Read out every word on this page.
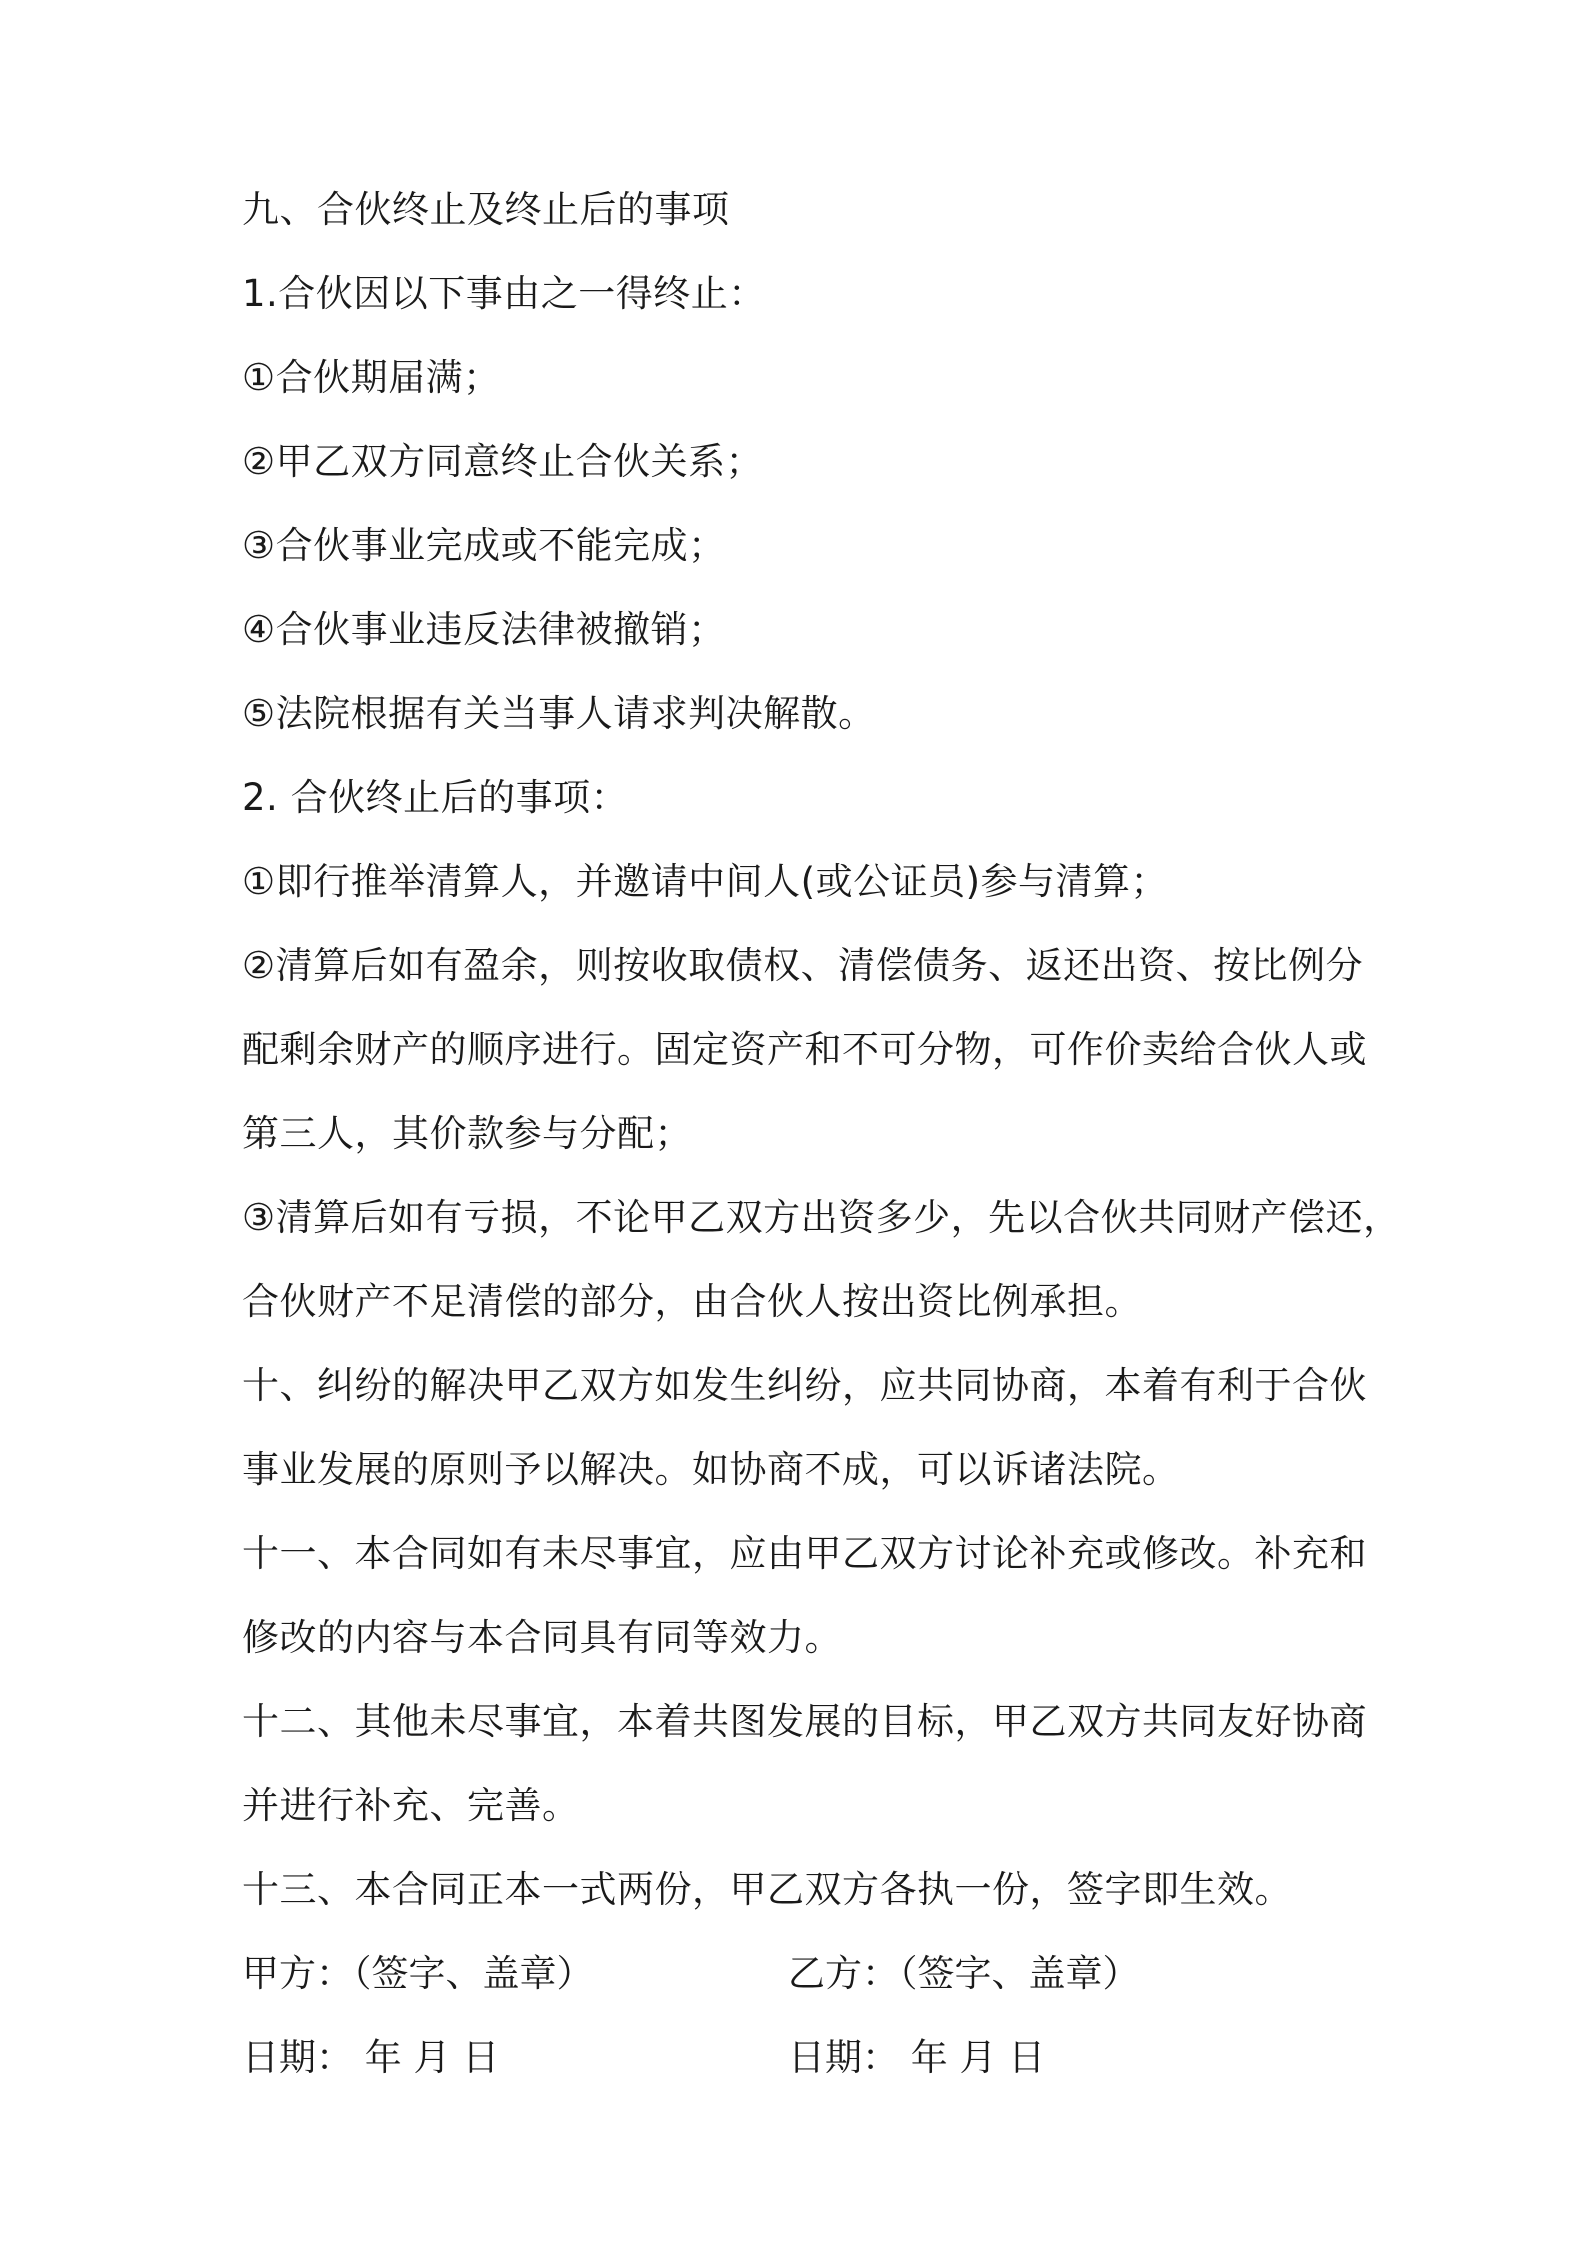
九、合伙终止及终止后的事项
1.合伙因以下事由之一得终止：
①合伙期届满；
②甲乙双方同意终止合伙关系；
③合伙事业完成或不能完成；
④合伙事业违反法律被撤销；
⑤法院根据有关当事人请求判决解散。
2. 合伙终止后的事项：
①即行推举清算人，并邀请中间人(或公证员)参与清算；
②清算后如有盈余，则按收取债权、清偿债务、返还出资、按比例分
配剩余财产的顺序进行。固定资产和不可分物，可作价卖给合伙人或
第三人，其价款参与分配；
③清算后如有亏损，不论甲乙双方出资多少，先以合伙共同财产偿还，
合伙财产不足清偿的部分，由合伙人按出资比例承担。
十、纠纷的解决甲乙双方如发生纠纷，应共同协商，本着有利于合伙
事业发展的原则予以解决。如协商不成，可以诉诸法院。
十一、本合同如有未尽事宜，应由甲乙双方讨论补充或修改。补充和
修改的内容与本合同具有同等效力。
十二、其他未尽事宜，本着共图发展的目标，甲乙双方共同友好协商
并进行补充、完善。
十三、本合同正本一式两份，甲乙双方各执一份，签字即生效。
甲方：（签字、盖章）	乙方：（签字、盖章）
日期： 年 月 日	日期： 年 月 日
